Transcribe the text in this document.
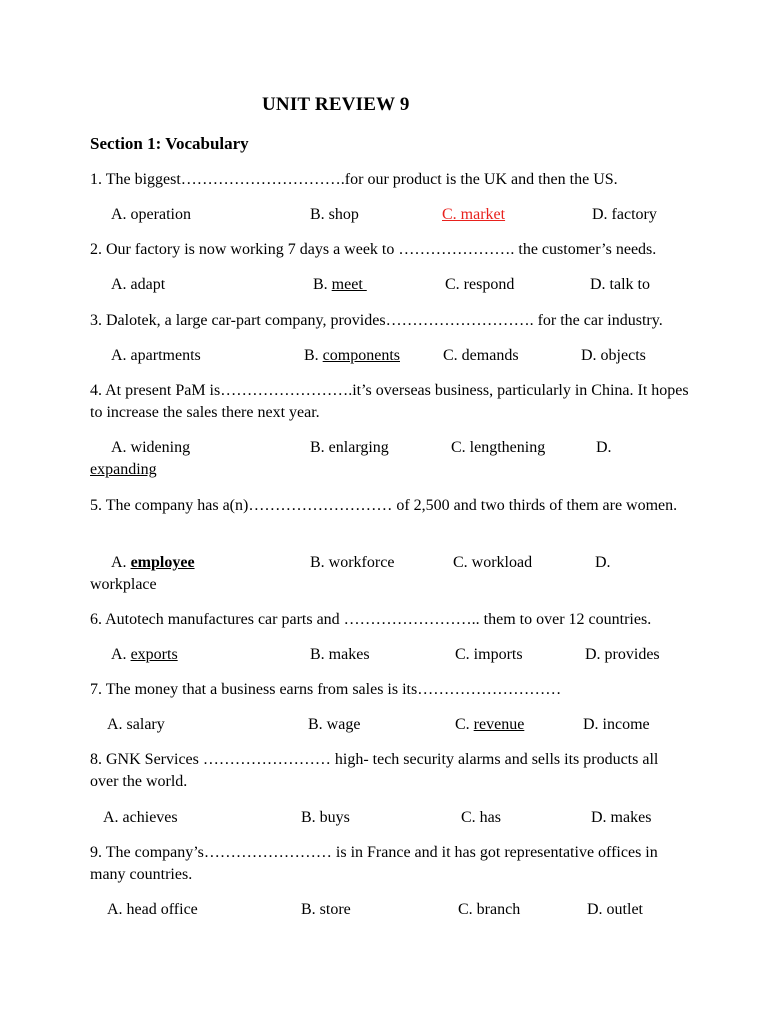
UNIT REVIEW 9
Section 1: Vocabulary

1. The biggest………………………….for our product is the UK and then the US.

A. operation	B. shop	C. market	D. factory

2. Our factory is now working 7 days a week to …………………. the customer’s needs.

A. adapt	B. meet	C. respond	D. talk to

3. Dalotek, a large car-part company, provides………………………. for the car industry.

A. apartments	B. components	C. demands	D. objects

4. At present PaM is…………………….it’s overseas business, particularly in China. It hopes to increase the sales there next year.

A. widening	B. enlarging	C. lengthening	D.
expanding

5. The company has a(n)……………………… of 2,500 and two thirds of them are women.

A. employee	B. workforce	C. workload	D.
workplace

6. Autotech manufactures car parts and …………………….. them to over 12 countries.

A. exports	B. makes	C. imports	D. provides

7. The money that a business earns from sales is its………………………

A. salary	B. wage	C. revenue	D. income

8. GNK Services …………………… high- tech security alarms and sells its products all over the world.

A. achieves	B. buys	C. has	D. makes

9. The company’s…………………… is in France and it has got representative offices in many countries.

A. head office	B. store	C. branch	D. outlet
